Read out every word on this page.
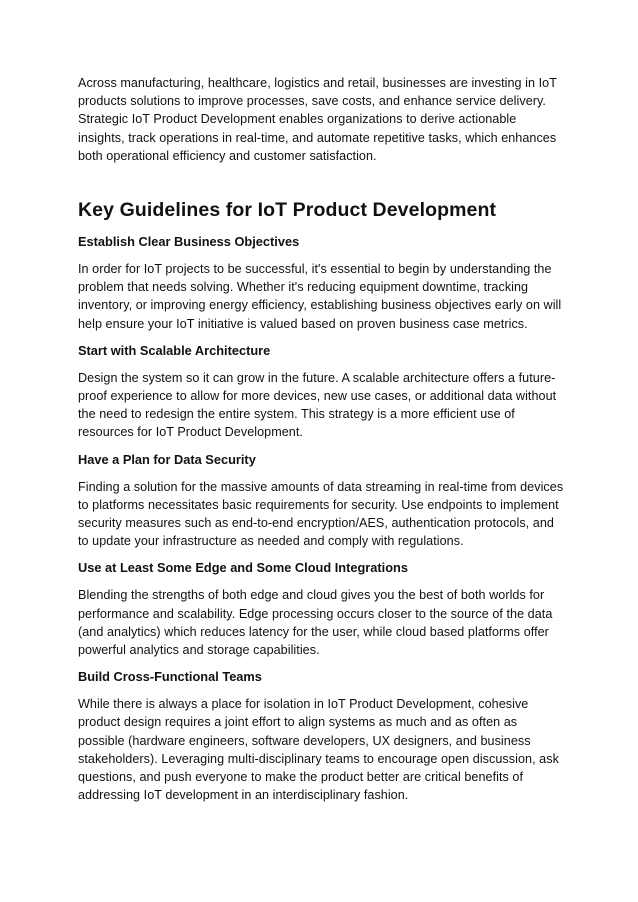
Across manufacturing, healthcare, logistics and retail, businesses are investing in IoT products solutions to improve processes, save costs, and enhance service delivery. Strategic IoT Product Development enables organizations to derive actionable insights, track operations in real-time, and automate repetitive tasks, which enhances both operational efficiency and customer satisfaction.

Key Guidelines for IoT Product Development
Establish Clear Business Objectives

In order for IoT projects to be successful, it's essential to begin by understanding the problem that needs solving. Whether it's reducing equipment downtime, tracking inventory, or improving energy efficiency, establishing business objectives early on will help ensure your IoT initiative is valued based on proven business case metrics.

Start with Scalable Architecture

Design the system so it can grow in the future. A scalable architecture offers a future-proof experience to allow for more devices, new use cases, or additional data without the need to redesign the entire system. This strategy is a more efficient use of resources for IoT Product Development.

Have a Plan for Data Security

Finding a solution for the massive amounts of data streaming in real-time from devices to platforms necessitates basic requirements for security. Use endpoints to implement security measures such as end-to-end encryption/AES, authentication protocols, and to update your infrastructure as needed and comply with regulations.

Use at Least Some Edge and Some Cloud Integrations

Blending the strengths of both edge and cloud gives you the best of both worlds for performance and scalability. Edge processing occurs closer to the source of the data (and analytics) which reduces latency for the user, while cloud based platforms offer powerful analytics and storage capabilities.

Build Cross-Functional Teams

While there is always a place for isolation in IoT Product Development, cohesive product design requires a joint effort to align systems as much and as often as possible (hardware engineers, software developers, UX designers, and business stakeholders). Leveraging multi-disciplinary teams to encourage open discussion, ask questions, and push everyone to make the product better are critical benefits of addressing IoT development in an interdisciplinary fashion.
